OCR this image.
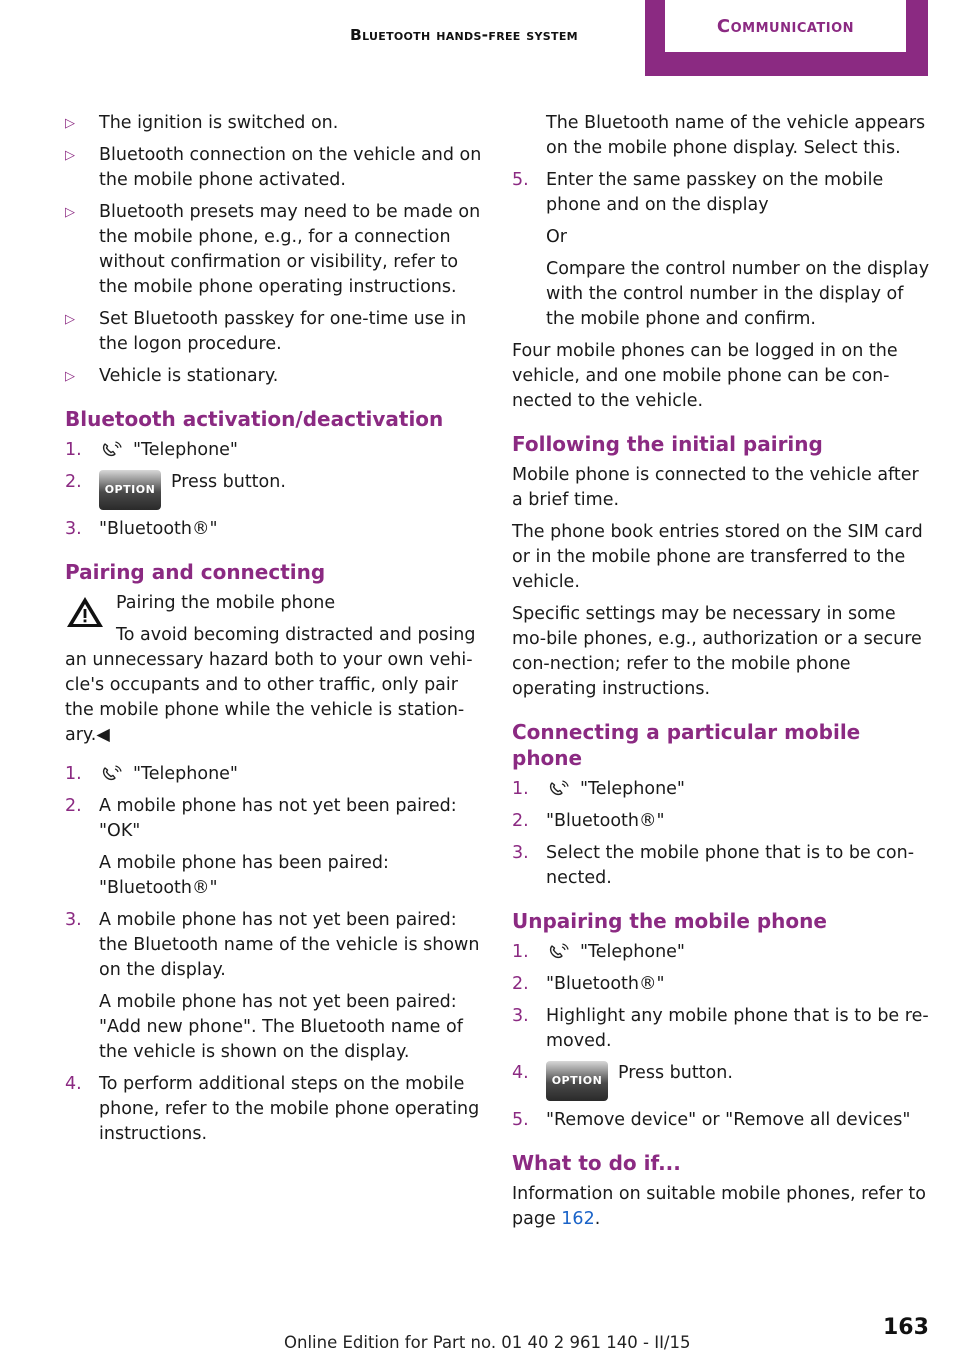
Bluetooth hands-free system	Communication
▷	The ignition is switched on.
▷	Bluetooth connection on the vehicle and on the mobile phone activated.
▷	Bluetooth presets may need to be made on the mobile phone, e.g., for a connection without confirmation or visibility, refer to the mobile phone operating instructions.
▷	Set Bluetooth passkey for one-time use in the logon procedure.
▷	Vehicle is stationary.
Bluetooth activation/deactivation
1.	"Telephone"
2.	OPTION Press button.
3. "Bluetooth®"
Pairing and connecting
Pairing the mobile phone
To avoid becoming distracted and posing an unnecessary hazard both to your own vehi‐cle's occupants and to other traffic, only pair the mobile phone while the vehicle is station‐ary.◀
1.	"Telephone"
2. A mobile phone has not yet been paired: "OK"
A mobile phone has been paired: "Bluetooth®"
3. A mobile phone has not yet been paired: the Bluetooth name of the vehicle is shown on the display.
A mobile phone has not yet been paired: "Add new phone". The Bluetooth name of the vehicle is shown on the display.
4. To perform additional steps on the mobile phone, refer to the mobile phone operating instructions.
The Bluetooth name of the vehicle appears on the mobile phone display. Select this.
5. Enter the same passkey on the mobile phone and on the display
Or
Compare the control number on the display with the control number in the display of the mobile phone and confirm.
Four mobile phones can be logged in on the vehicle, and one mobile phone can be con‐nected to the vehicle.
Following the initial pairing
Mobile phone is connected to the vehicle after a brief time.
The phone book entries stored on the SIM card or in the mobile phone are transferred to the vehicle.
Specific settings may be necessary in some mo‐bile phones, e.g., authorization or a secure con‐nection; refer to the mobile phone operating instructions.
Connecting a particular mobile phone
1.	"Telephone"
2. "Bluetooth®"
3. Select the mobile phone that is to be con‐nected.
Unpairing the mobile phone
1.	"Telephone"
2. "Bluetooth®"
3. Highlight any mobile phone that is to be re‐moved.
4.	OPTION Press button.
5. "Remove device" or "Remove all devices"
What to do if...
Information on suitable mobile phones, refer to page 162.
Online Edition for Part no. 01 40 2 961 140 - II/15
163
